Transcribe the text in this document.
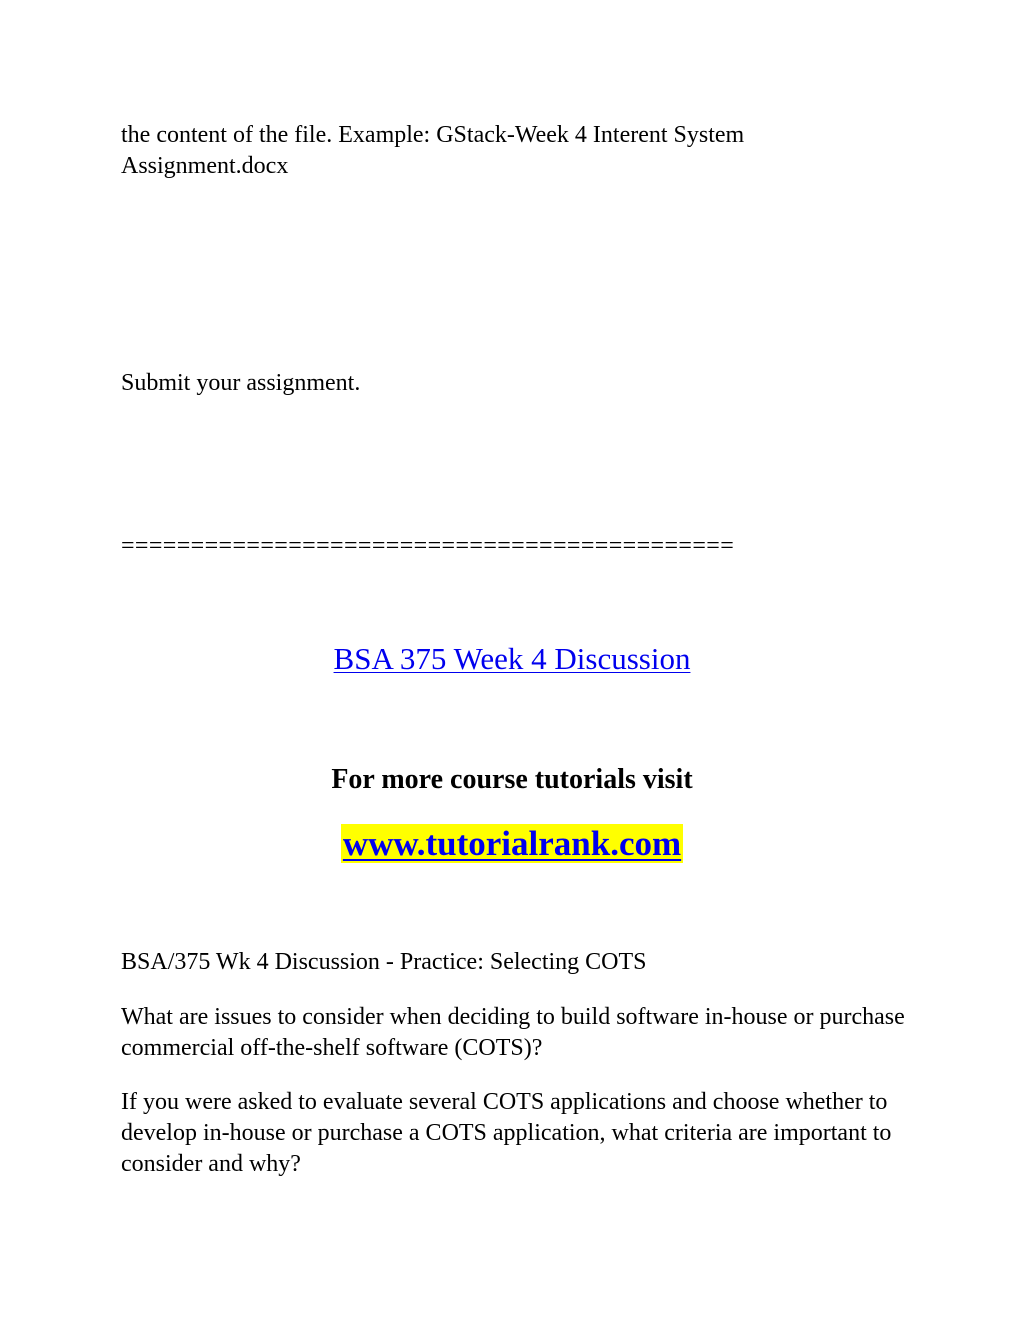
the content of the file. Example: GStack-Week 4 Interent System Assignment.docx

Submit your assignment.

============================================

BSA 375 Week 4 Discussion

For more course tutorials visit

www.tutorialrank.com

BSA/375 Wk 4 Discussion - Practice: Selecting COTS

What are issues to consider when deciding to build software in-house or purchase commercial off-the-shelf software (COTS)?

If you were asked to evaluate several COTS applications and choose whether to develop in-house or purchase a COTS application, what criteria are important to consider and why?
